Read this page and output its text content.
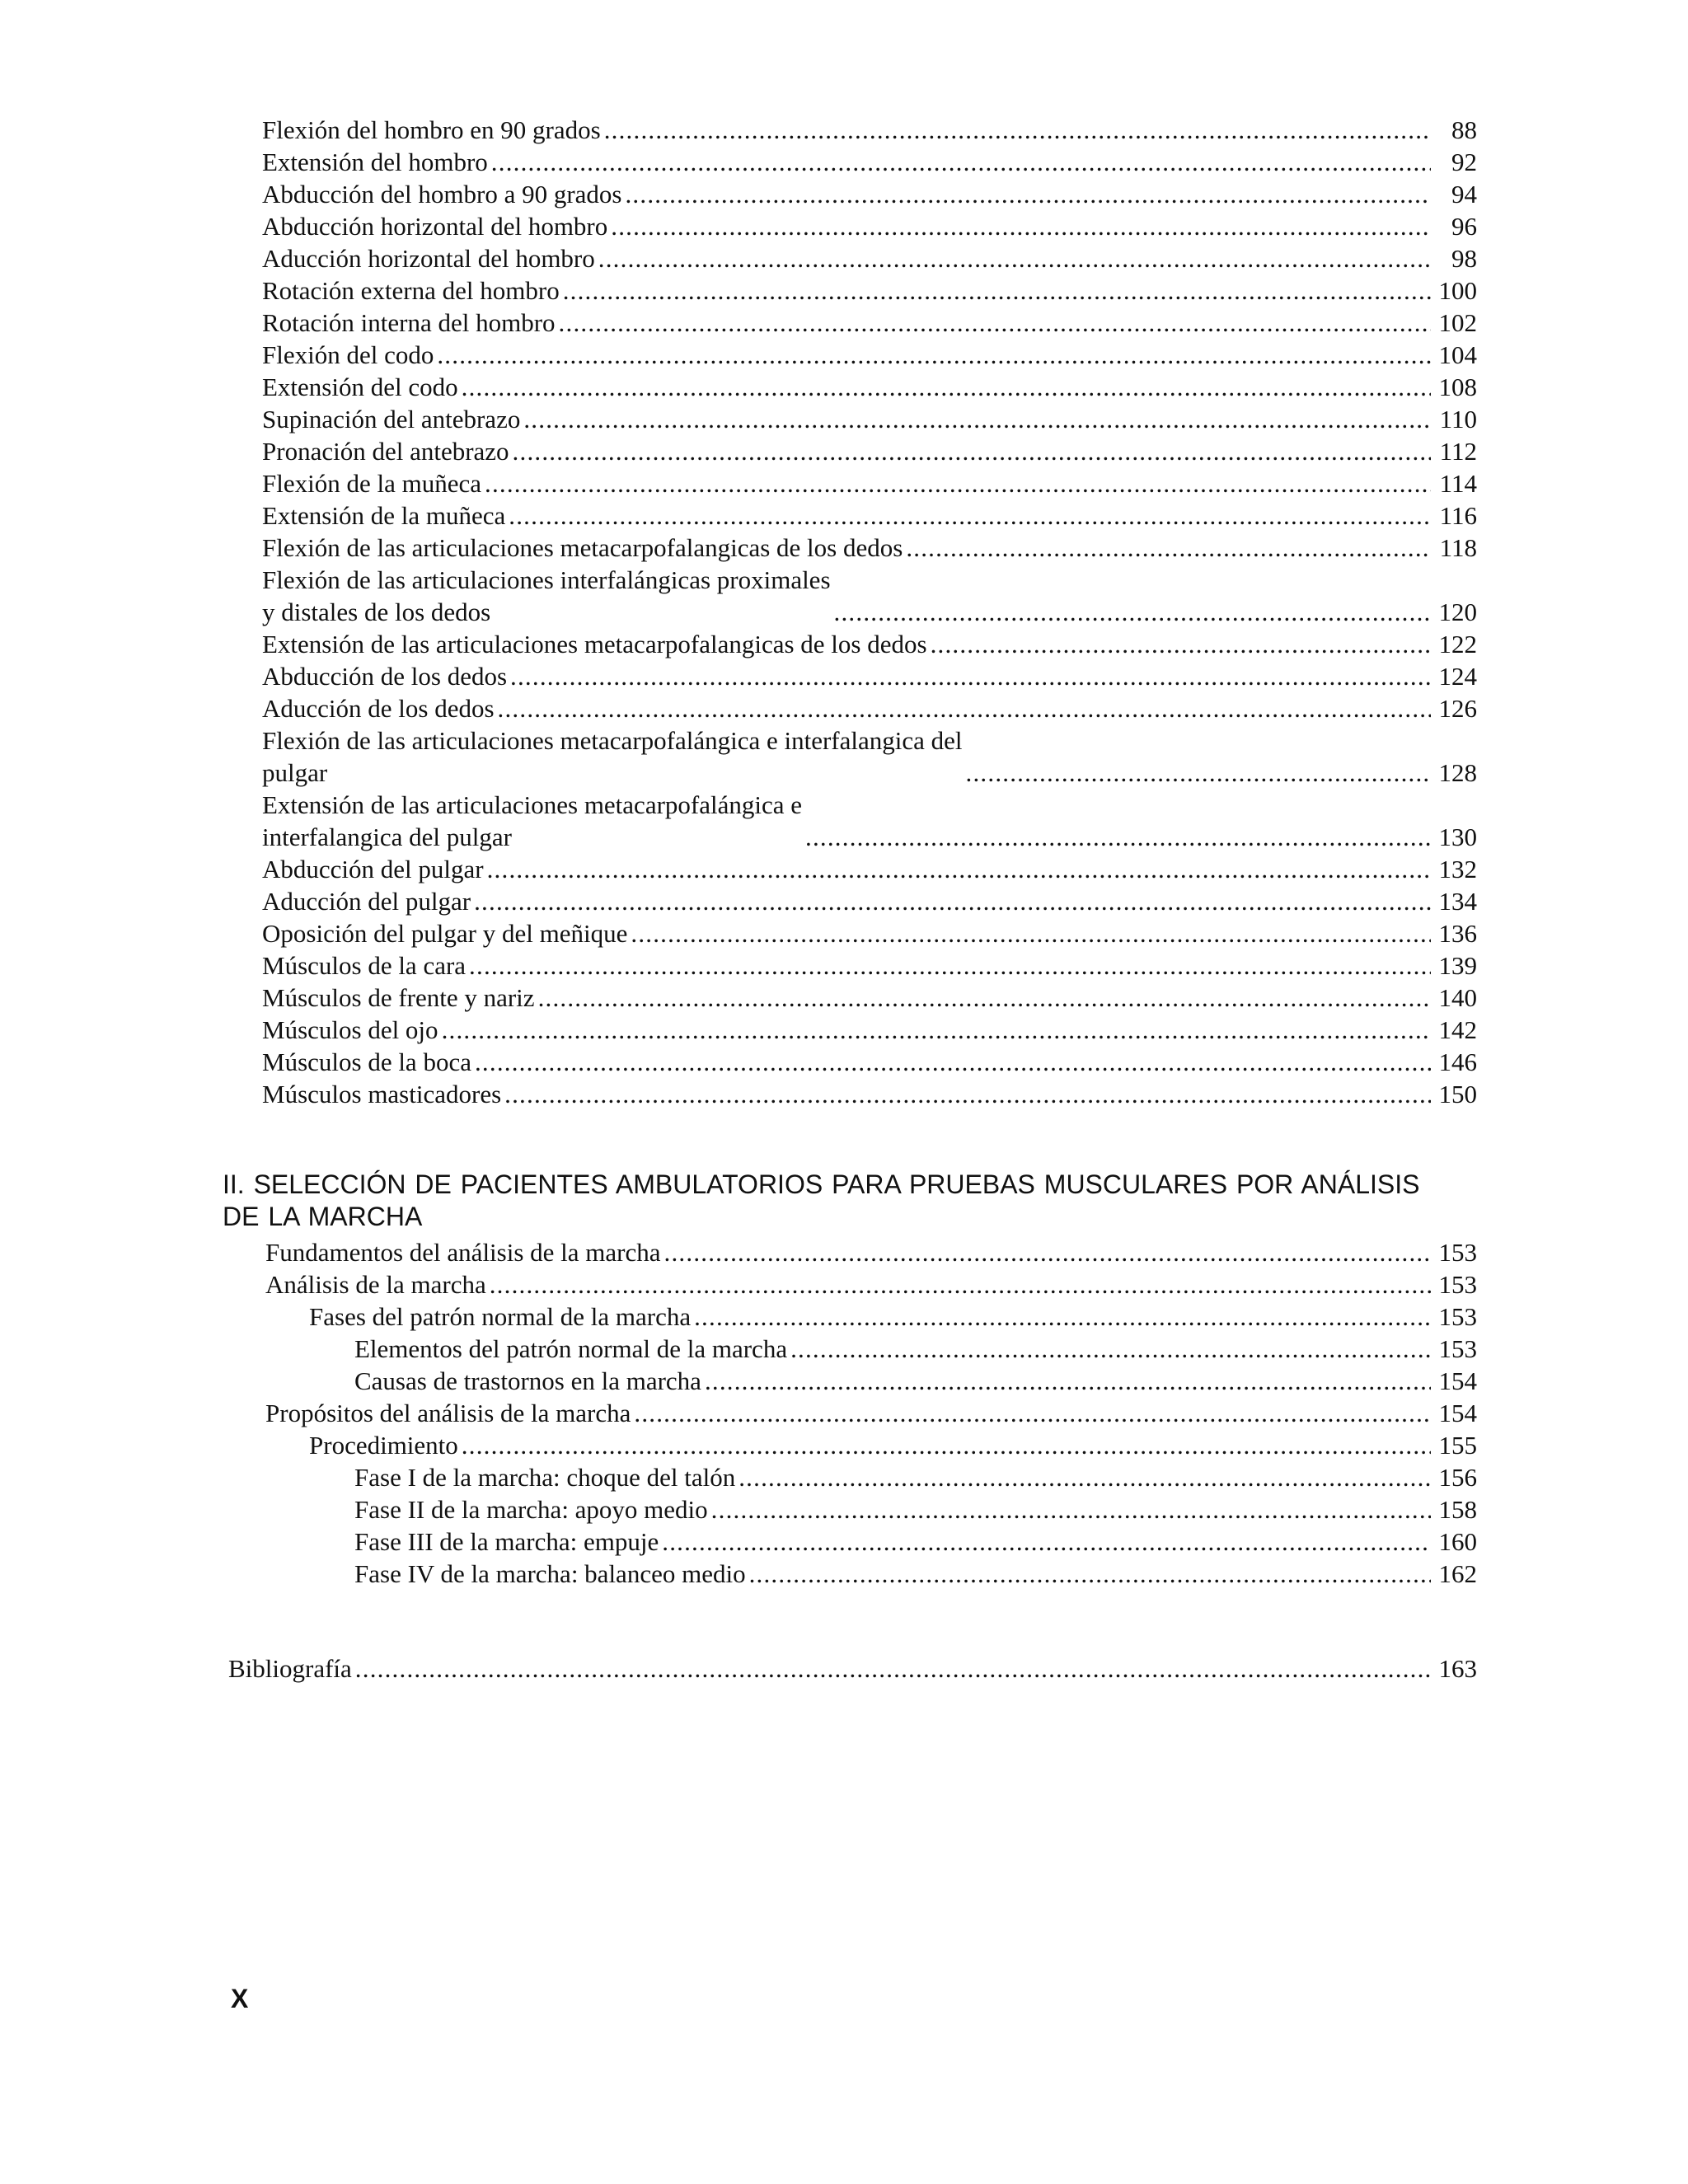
Flexión del hombro en 90 grados .....	88
Extensión del hombro .....	92
Abducción del hombro a 90 grados .....	94
Abducción horizontal del hombro .....	96
Aducción horizontal del hombro .....	98
Rotación externa del hombro .....	100
Rotación interna del hombro .....	102
Flexión del codo .....	104
Extensión del codo .....	108
Supinación del antebrazo .....	110
Pronación del antebrazo .....	112
Flexión de la muñeca .....	114
Extensión de la muñeca .....	116
Flexión de las articulaciones metacarpofalangicas de los dedos .....	118
Flexión de las articulaciones interfalángicas proximales
y distales de los dedos .....	120
Extensión de las articulaciones metacarpofalangicas de los dedos .....	122
Abducción de los dedos .....	124
Aducción de los dedos .....	126
Flexión de las articulaciones metacarpofalángica e interfalangica del
pulgar .....	128
Extensión de las articulaciones metacarpofalángica e
interfalangica del pulgar .....	130
Abducción del pulgar .....	132
Aducción del pulgar .....	134
Oposición del pulgar y del meñique .....	136
Músculos de la cara .....	139
Músculos de frente y nariz .....	140
Músculos del ojo .....	142
Músculos de la boca .....	146
Músculos masticadores .....	150
II. SELECCIÓN DE PACIENTES AMBULATORIOS PARA PRUEBAS MUSCULARES POR ANÁLISIS
DE LA MARCHA
Fundamentos del análisis de la marcha .....	153
Análisis de la marcha .....	153
Fases del patrón normal de la marcha .....	153
Elementos del patrón normal de la marcha .....	153
Causas de trastornos en la marcha .....	154
Propósitos del análisis de la marcha .....	154
Procedimiento .....	155
Fase I de la marcha: choque del talón .....	156
Fase II de la marcha: apoyo medio .....	158
Fase III de la marcha: empuje .....	160
Fase IV de la marcha: balanceo medio .....	162
Bibliografía .....	163
X
